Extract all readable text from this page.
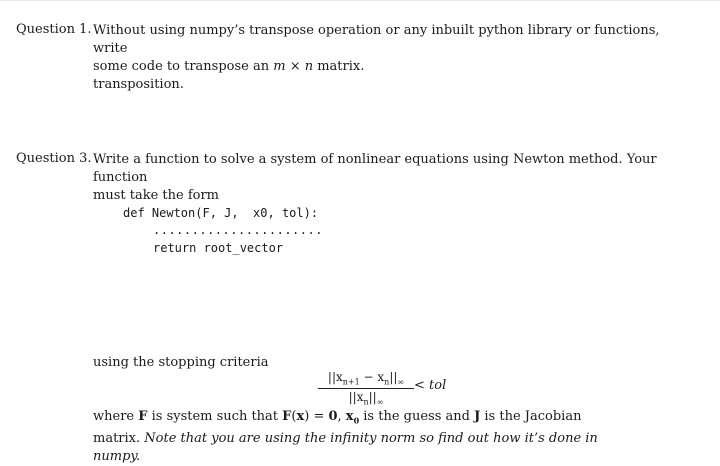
Question 1. Without using numpy’s transpose operation or any inbuilt python library or functions, write
some code to transpose an m × n matrix.
transposition.
Question 3. Write a function to solve a system of nonlinear equations using Newton method. Your function
must take the form
def Newton(F, J,  x0, tol):
......................
return root_vector
using the stopping criteria
$\frac{||x_{n+1} - x_n||_\infty}{||x_n||_\infty}$ < tol
where F is system such that F(x) = 0, $x_0$ is the guess and J is the Jacobian
matrix. Note that you are using the infinity norm so find out how it’s done in
numpy.
